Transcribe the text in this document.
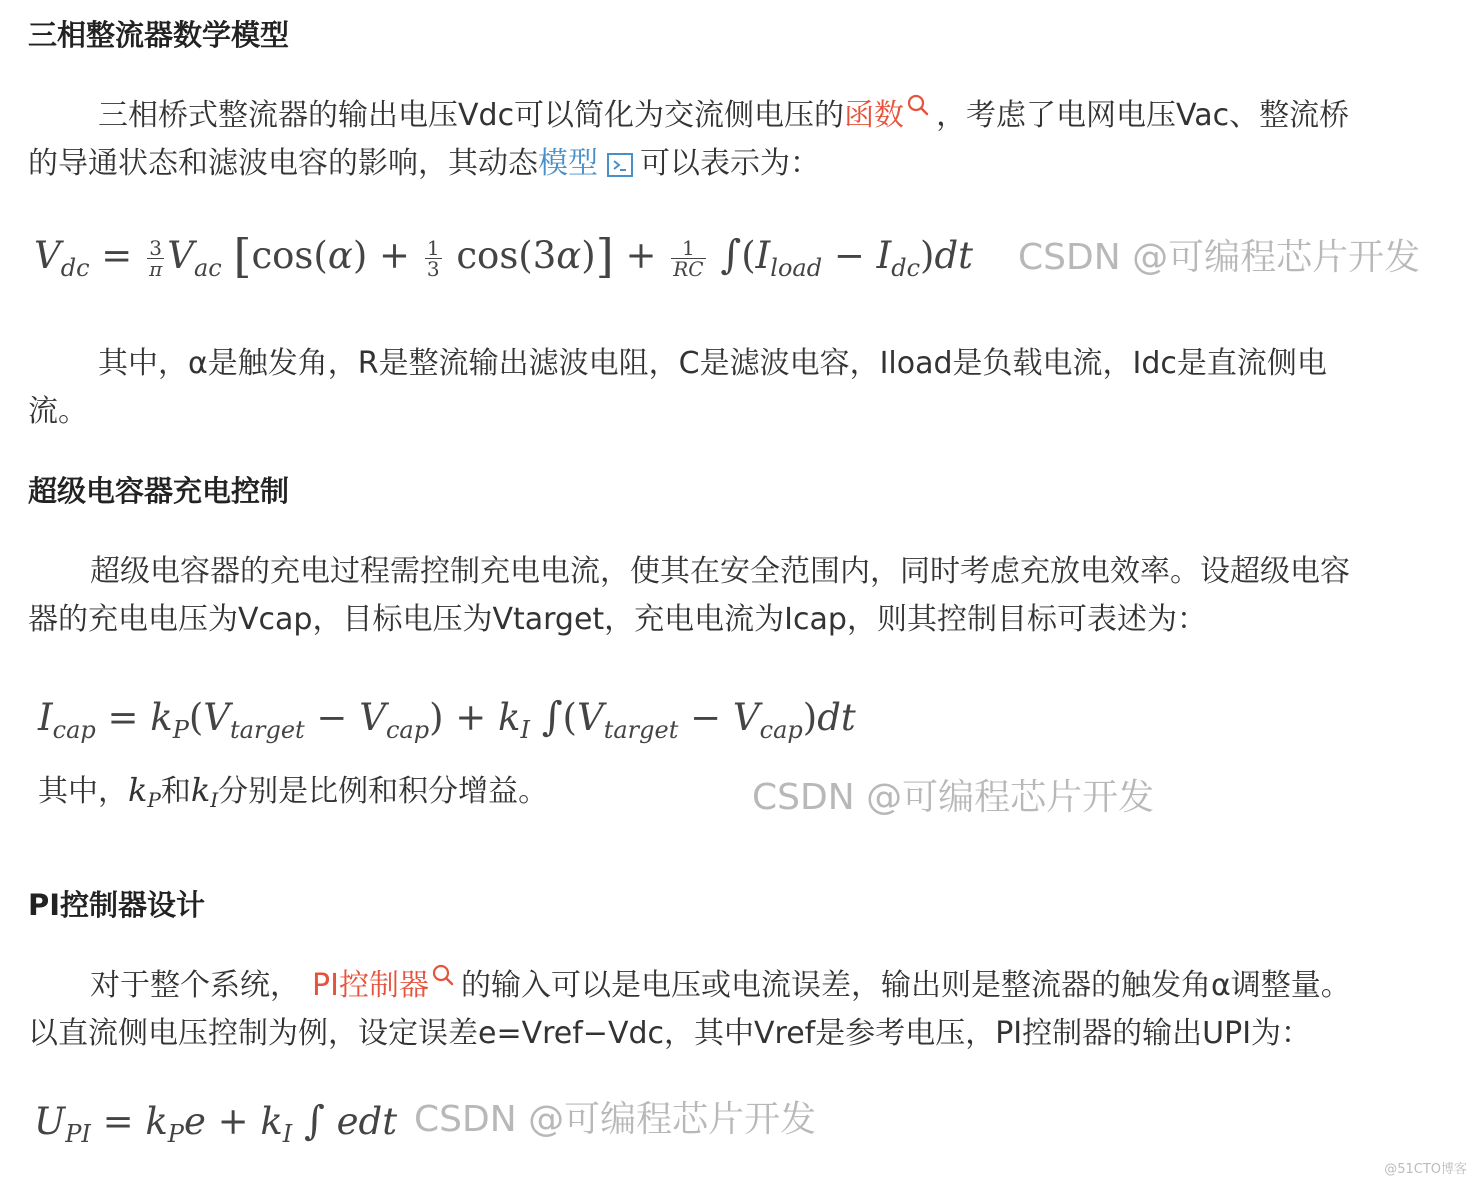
三相整流器数学模型

三相桥式整流器的输出电压Vdc可以简化为交流侧电压的函数 ，考虑了电网电压Vac、整流桥
的导通状态和滤波电容的影响，其动态模型 可以表示为：

$V_{dc} = \frac{3}{\pi} V_{ac}$ $[\cos(\alpha) + \frac{1}{3} \cos(3\alpha)] + \frac{1}{RC} \int(I_{load} - I_{dc})dt$ CSDN @可编程芯片开发

其中，α是触发角，R是整流输出滤波电阻，C是滤波电容，Iload是负载电流，Idc是直流侧电
流。

超级电容器充电控制

超级电容器的充电过程需控制充电电流，使其在安全范围内，同时考虑充放电效率。设超级电容
器的充电电压为Vcap，目标电压为Vtarget，充电电流为Icap，则其控制目标可表述为：

$I_{cap} = k_P(V_{target} - V_{cap}) + k_I$ $\int(V_{target} - V_{cap})dt$
其中，$k_P$和$k_I$分别是比例和积分增益。	CSDN @可编程芯片开发
PI控制器设计

对于整个系统， PI控制器 的输入可以是电压或电流误差，输出则是整流器的触发角α调整量。
以直流侧电压控制为例，设定误差e=Vref−Vdc，其中Vref是参考电压，PI控制器的输出UPI为：

$U_{PI} = k_Pe + k_I$ ∫ edt CSDN @可编程芯片开发
@51CTO博客
